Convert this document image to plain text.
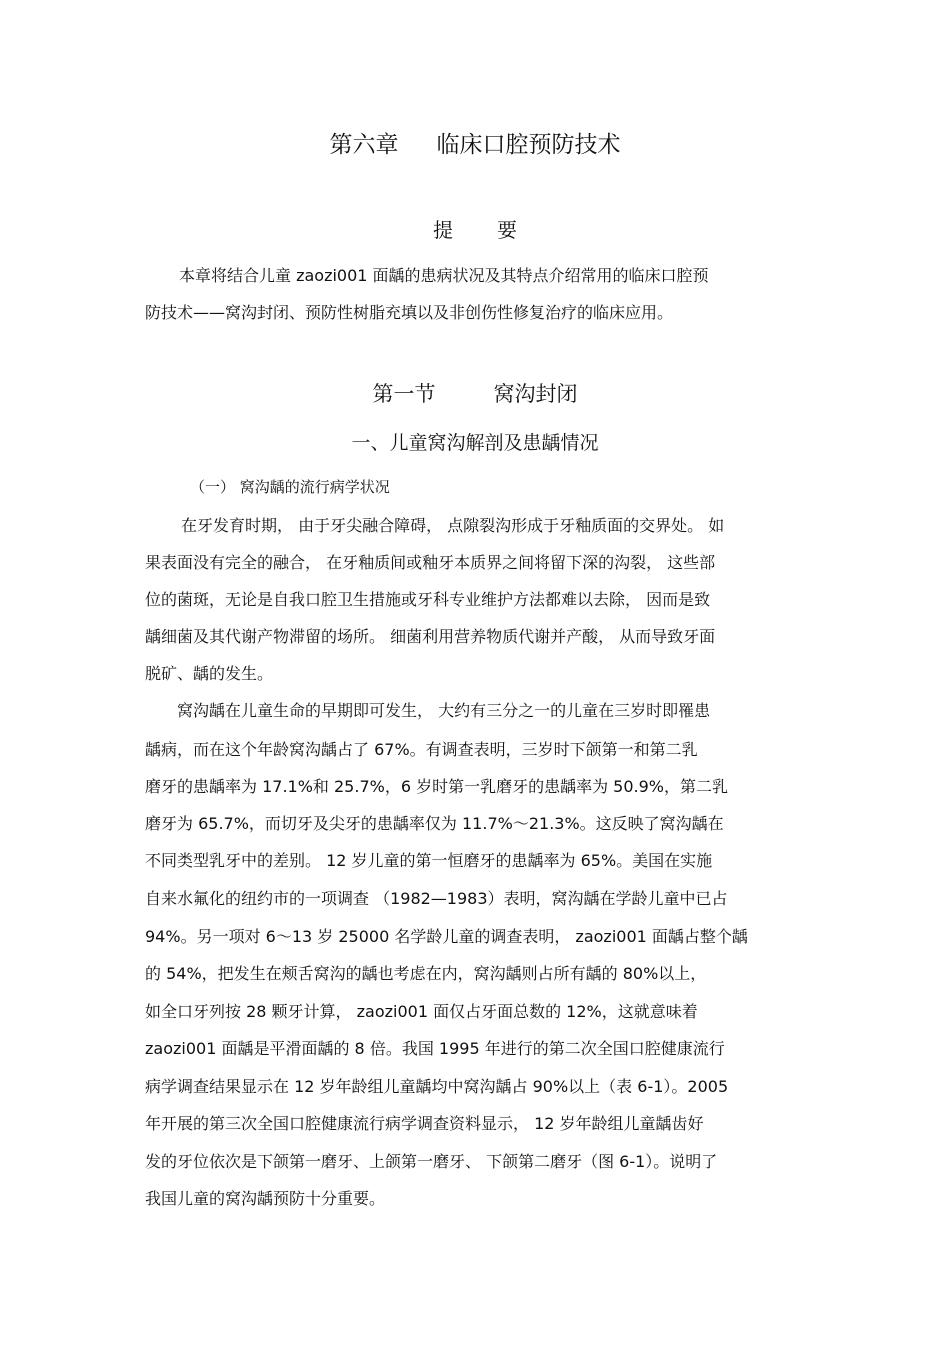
第六章 临床口腔预防技术
提 要
本章将结合儿童 zaozi001 面龋的患病状况及其特点介绍常用的临床口腔预
防技术——窝沟封闭、预防性树脂充填以及非创伤性修复治疗的临床应用。
第一节	窝沟封闭
一、儿童窝沟解剖及患龋情况
（一） 窝沟龋的流行病学状况
在牙发育时期， 由于牙尖融合障碍， 点隙裂沟形成于牙釉质面的交界处。 如
果表面没有完全的融合， 在牙釉质间或釉牙本质界之间将留下深的沟裂， 这些部
位的菌斑，无论是自我口腔卫生措施或牙科专业维护方法都难以去除， 因而是致
龋细菌及其代谢产物滞留的场所。 细菌利用营养物质代谢并产酸， 从而导致牙面
脱矿、龋的发生。
窝沟龋在儿童生命的早期即可发生， 大约有三分之一的儿童在三岁时即罹患
龋病，而在这个年龄窝沟龋占了 67%。有调查表明，三岁时下颌第一和第二乳
磨牙的患龋率为 17.1%和 25.7%，6 岁时第一乳磨牙的患龋率为 50.9%，第二乳
磨牙为 65.7%，而切牙及尖牙的患龋率仅为 11.7%～21.3%。这反映了窝沟龋在
不同类型乳牙中的差别。 12 岁儿童的第一恒磨牙的患龋率为 65%。美国在实施
自来水氟化的纽约市的一项调查 （1982—1983）表明，窝沟龋在学龄儿童中已占
94%。另一项对 6～13 岁 25000 名学龄儿童的调查表明， zaozi001 面龋占整个龋
的 54%，把发生在颊舌窝沟的龋也考虑在内，窝沟龋则占所有龋的 80%以上，
如全口牙列按 28 颗牙计算， zaozi001 面仅占牙面总数的 12%，这就意味着
zaozi001 面龋是平滑面龋的 8 倍。我国 1995 年进行的第二次全国口腔健康流行
病学调查结果显示在 12 岁年龄组儿童龋均中窝沟龋占 90%以上（表 6-1）。2005
年开展的第三次全国口腔健康流行病学调查资料显示， 12 岁年龄组儿童龋齿好
发的牙位依次是下颌第一磨牙、上颌第一磨牙、 下颌第二磨牙（图 6-1）。说明了
我国儿童的窝沟龋预防十分重要。
